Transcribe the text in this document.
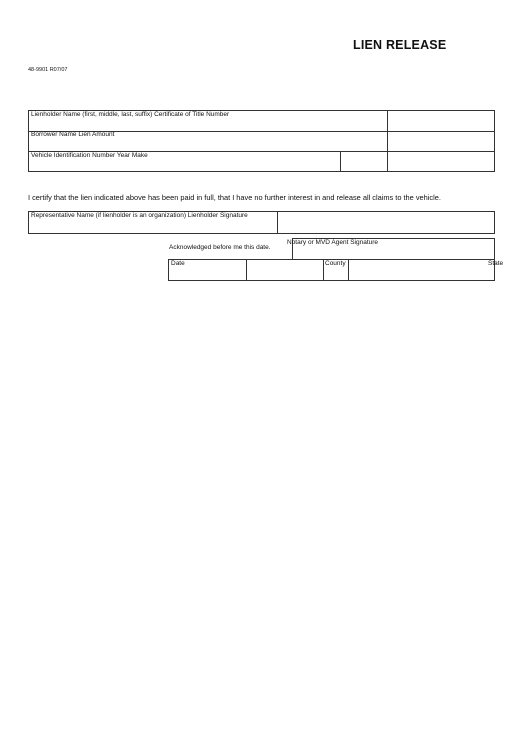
LIEN RELEASE
48-9901 R07/07
Lienholder Name (first, middle, last, suffix) Certificate of Title Number
Borrower Name Lien Amount
Vehicle Identification Number Year Make
I certify that the lien indicated above has been paid in full, that I have no further interest in and release all claims to the vehicle.
Representative Name (if lienholder is an organization) Lienholder Signature
Acknowledged before me this date.
Notary or MVD Agent Signature
Date	County	State
